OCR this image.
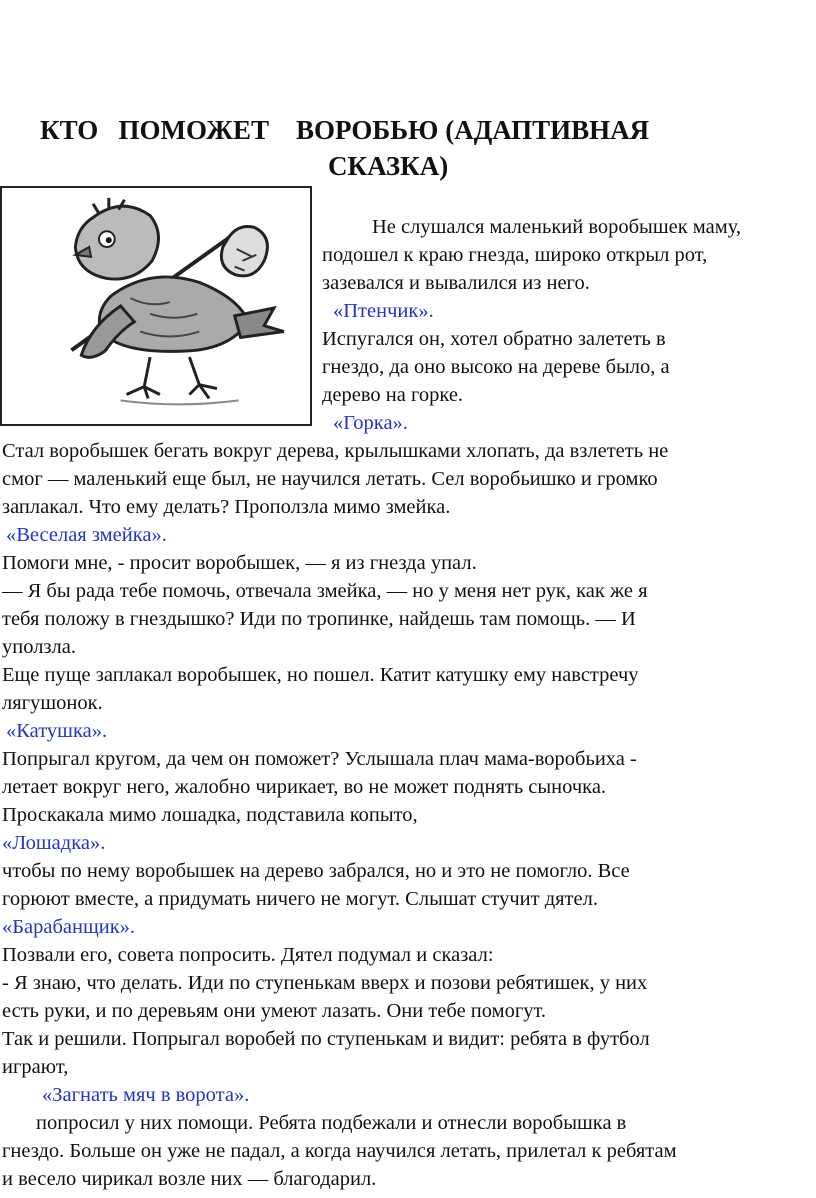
КТО   ПОМОЖЕТ    ВОРОБЬЮ (АДАПТИВНАЯ
СКАЗКА)
Не слушался маленький воробышек маму,
подошел к краю гнезда, широко открыл рот,
зазевался и вывалился из него.
«Птенчик».
Испугался он, хотел обратно залететь в
гнездо, да оно высоко на дереве было, а
дерево на горке.
«Горка».
Стал воробышек бегать вокруг дерева, крылышками хлопать, да взлететь не
смог — маленький еще был, не научился летать. Сел воробьишко и громко
заплакал. Что ему делать? Проползла мимо змейка.
«Веселая змейка».
Помоги мне, - просит воробышек, — я из гнезда упал.
— Я бы рада тебе помочь, отвечала змейка, — но у меня нет рук, как же я
тебя положу в гнездышко? Иди по тропинке, найдешь там помощь. — И
уползла.
Еще пуще заплакал воробышек, но пошел. Катит катушку ему навстречу
лягушонок.
«Катушка».
Попрыгал кругом, да чем он поможет? Услышала плач мама-воробьиха -
летает вокруг него, жалобно чирикает, во не может поднять сыночка.
Проскакала мимо лошадка, подставила копыто,
«Лошадка».
чтобы по нему воробышек на дерево забрался, но и это не помогло. Все
горюют вместе, а придумать ничего не могут. Слышат стучит дятел.
«Барабанщик».
Позвали его, совета попросить. Дятел подумал и сказал:
- Я знаю, что делать. Иди по ступенькам вверх и позови ребятишек, у них
есть руки, и по деревьям они умеют лазать. Они тебе помогут.
Так и решили. Попрыгал воробей по ступенькам и видит: ребята в футбол
играют,
«Загнать мяч в ворота».
попросил у них помощи. Ребята подбежали и отнесли воробышка в
гнездо. Больше он уже не падал, а когда научился летать, прилетал к ребятам
и весело чирикал возле них — благодарил.
